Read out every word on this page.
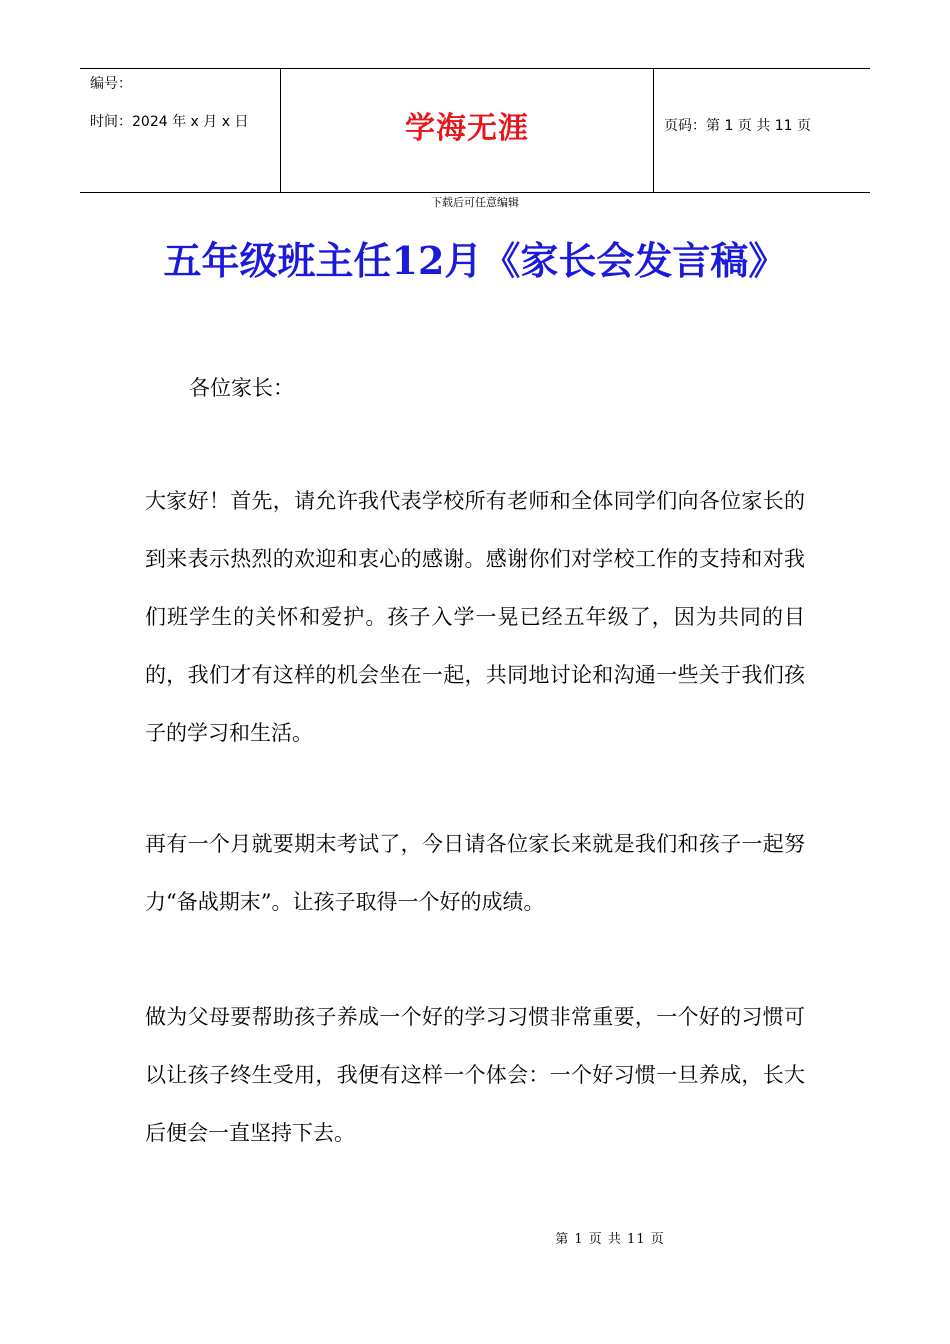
编号：
时间：2024 年 x 月 x 日	学海无涯	页码：第 1 页 共 11 页
下载后可任意编辑
五年级班主任12月《家长会发言稿》
各位家长：

大家好！首先，请允许我代表学校所有老师和全体同学们向各位家长的到来表示热烈的欢迎和衷心的感谢。感谢你们对学校工作的支持和对我们班学生的关怀和爱护。孩子入学一晃已经五年级了，因为共同的目的，我们才有这样的机会坐在一起，共同地讨论和沟通一些关于我们孩子的学习和生活。

再有一个月就要期末考试了，今日请各位家长来就是我们和孩子一起努力“备战期末”。让孩子取得一个好的成绩。

做为父母要帮助孩子养成一个好的学习习惯非常重要，一个好的习惯可以让孩子终生受用，我便有这样一个体会：一个好习惯一旦养成，长大后便会一直坚持下去。

第 1 页 共 11 页
